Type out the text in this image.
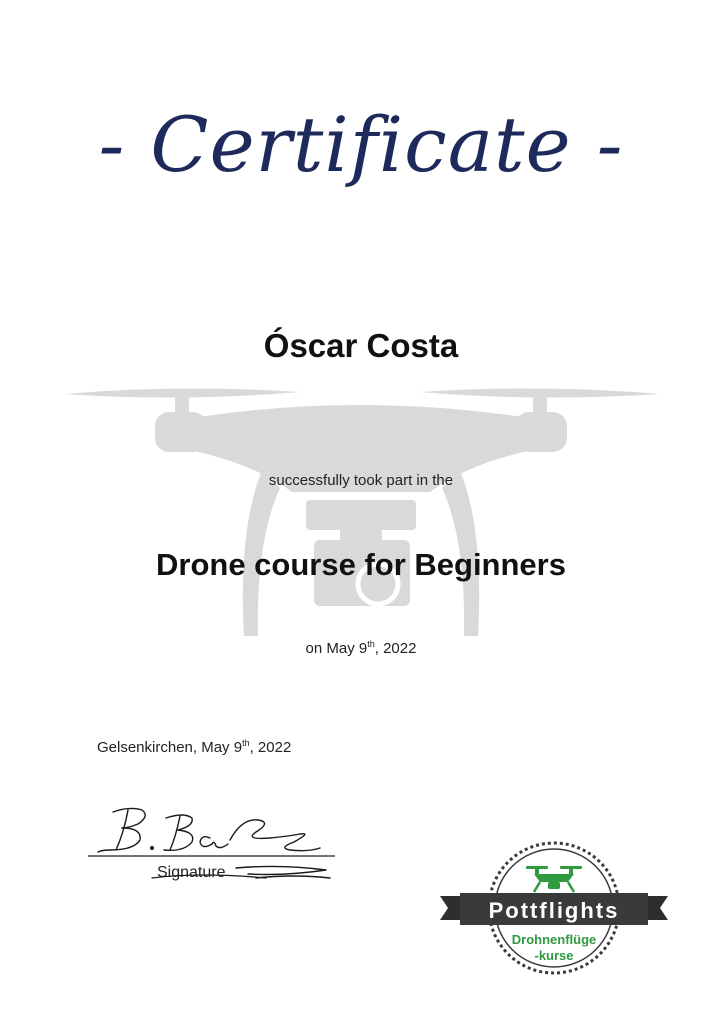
- Certificate -
Óscar Costa
successfully took part in the
Drone course for Beginners
on May 9th, 2022
Gelsenkirchen, May 9th, 2022
Signature
Pottflights
Drohnenflüge
-kurse
